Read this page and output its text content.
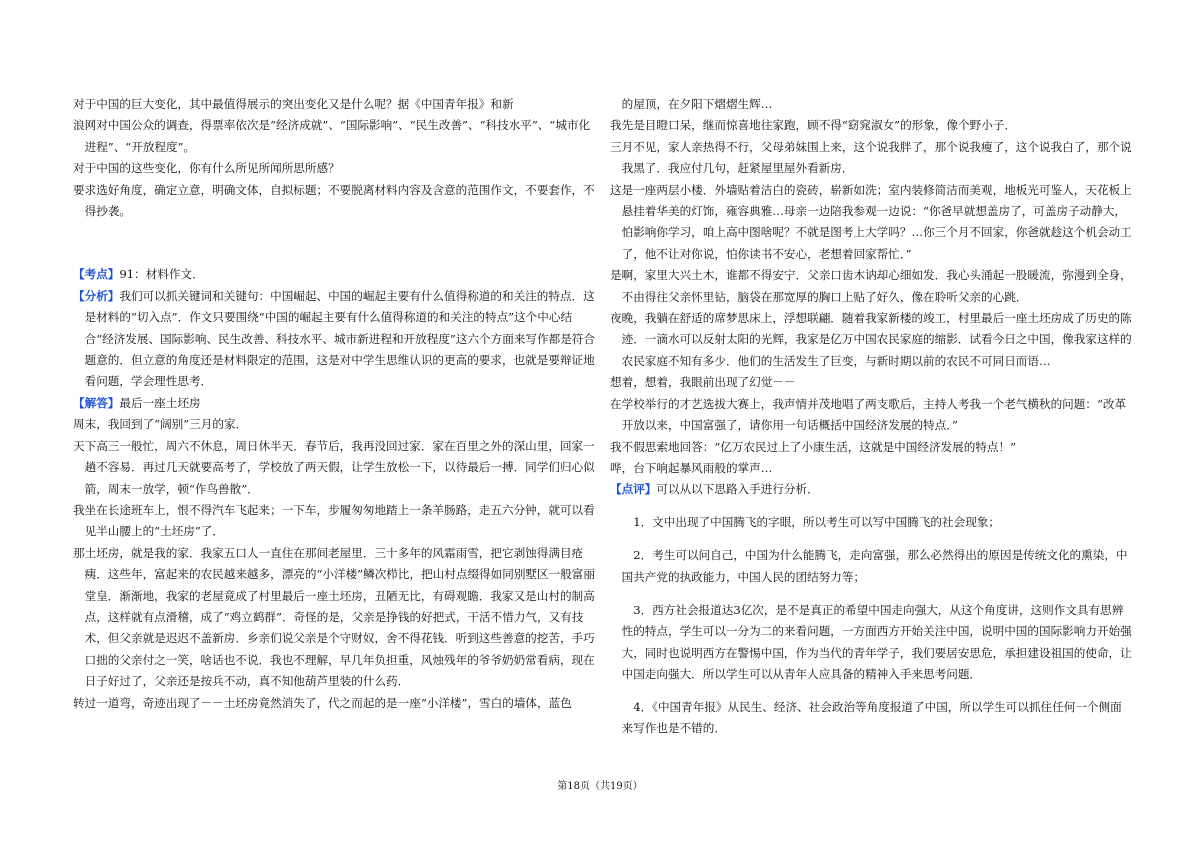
对于中国的巨大变化，其中最值得展示的突出变化又是什么呢？据《中国青年报》和新

浪网对中国公众的调查，得票率依次是“经济成就”、“国际影响”、“民生改善”、“科技水平”、“城市化进程”、“开放程度”。

对于中国的这些变化，你有什么所见所闻所思所感？

要求选好角度，确定立意，明确文体，自拟标题；不要脱离材料内容及含意的范围作文，不要套作，不得抄袭。

【考点】91：材料作文．

【分析】我们可以抓关键词和关键句：中国崛起、中国的崛起主要有什么值得称道的和关注的特点．这是材料的“切入点”．作文只要围绕“中国的崛起主要有什么值得称道的和关注的特点”这个中心结合“经济发展、国际影响、民生改善、科技水平、城市新进程和开放程度”这六个方面来写作都是符合题意的．但立意的角度还是材料限定的范围，这是对中学生思维认识的更高的要求，也就是要辩证地看问题，学会理性思考．

【解答】最后一座土坯房

周末，我回到了“阔别”三月的家．

天下高三一般忙，周六不休息，周日休半天．春节后，我再没回过家．家在百里之外的深山里，回家一趟不容易．再过几天就要高考了，学校放了两天假，让学生放松一下，以待最后一搏．同学们归心似箭，周末一放学，顿“作鸟兽散”．

我坐在长途班车上，恨不得汽车飞起来；一下车，步履匆匆地踏上一条羊肠路，走五六分钟，就可以看见半山腰上的“土坯房”了．

那土坯房，就是我的家．我家五口人一直住在那间老屋里．三十多年的风霜雨雪，把它剥蚀得满目疮痍．这些年，富起来的农民越来越多，漂亮的“小洋楼”鳞次栉比，把山村点缀得如同别墅区一般富丽堂皇．渐渐地，我家的老屋竟成了村里最后一座土坯房，丑陋无比，有碍观瞻．我家又是山村的制高点，这样就有点滑稽，成了“鸡立鹤群”．奇怪的是，父亲是挣钱的好把式，干活不惜力气，又有技术，但父亲就是迟迟不盖新房．乡亲们说父亲是个守财奴，舍不得花钱．听到这些善意的挖苦，手巧口拙的父亲付之一笑，啥话也不说．我也不理解，早几年负担重，风烛残年的爷爷奶奶常看病，现在日子好过了，父亲还是按兵不动，真不知他葫芦里装的什么药．

转过一道弯，奇迹出现了－－土坯房竟然消失了，代之而起的是一座“小洋楼”，雪白的墙体，蓝色

的屋顶，在夕阳下熠熠生辉…

我先是目瞪口呆，继而惊喜地往家跑，顾不得“窈窕淑女”的形象，像个野小子．

三月不见，家人亲热得不行，父母弟妹围上来，这个说我胖了，那个说我瘦了，这个说我白了，那个说我黑了．我应付几句，赶紧屋里屋外看新房．

这是一座两层小楼．外墙贴着洁白的瓷砖，崭新如洗；室内装修简洁而美观，地板光可鉴人，天花板上悬挂着华美的灯饰，雍容典雅…母亲一边陪我参观一边说：“你爸早就想盖房了，可盖房子动静大，怕影响你学习，咱上高中图啥呢？不就是图考上大学吗？…你三个月不回家，你爸就趁这个机会动工了，他不让对你说，怕你读书不安心，老想着回家帮忙．”

是啊，家里大兴土木，谁都不得安宁．父亲口齿木讷却心细如发．我心头涌起一股暖流，弥漫到全身，不由得往父亲怀里钻，脑袋在那宽厚的胸口上贴了好久，像在聆听父亲的心跳．

夜晚，我躺在舒适的席梦思床上，浮想联翩．随着我家新楼的竣工，村里最后一座土坯房成了历史的陈迹．一滴水可以反射太阳的光辉，我家是亿万中国农民家庭的缩影．试看今日之中国，像我家这样的农民家庭不知有多少．他们的生活发生了巨变，与新时期以前的农民不可同日而语…

想着，想着，我眼前出现了幻觉－－

在学校举行的才艺选拔大赛上，我声情并茂地唱了两支歌后，主持人考我一个老气横秋的问题：“改革开放以来，中国富强了，请你用一句话概括中国经济发展的特点．”

我不假思索地回答：“亿万农民过上了小康生活，这就是中国经济发展的特点！”

哗，台下响起暴风雨般的掌声…

【点评】可以从以下思路入手进行分析．

1．文中出现了中国腾飞的字眼，所以考生可以写中国腾飞的社会现象；

2．考生可以问自己，中国为什么能腾飞，走向富强，那么必然得出的原因是传统文化的熏染，中国共产党的执政能力，中国人民的团结努力等；

3．西方社会报道达3亿次，是不是真正的希望中国走向强大，从这个角度讲，这则作文具有思辨性的特点，学生可以一分为二的来看问题，一方面西方开始关注中国，说明中国的国际影响力开始强大，同时也说明西方在警惕中国，作为当代的青年学子，我们要居安思危，承担建设祖国的使命，让中国走向强大．所以学生可以从青年人应具备的精神入手来思考问题．

4．《中国青年报》从民生、经济、社会政治等角度报道了中国，所以学生可以抓住任何一个侧面来写作也是不错的．

第18页（共19页）
